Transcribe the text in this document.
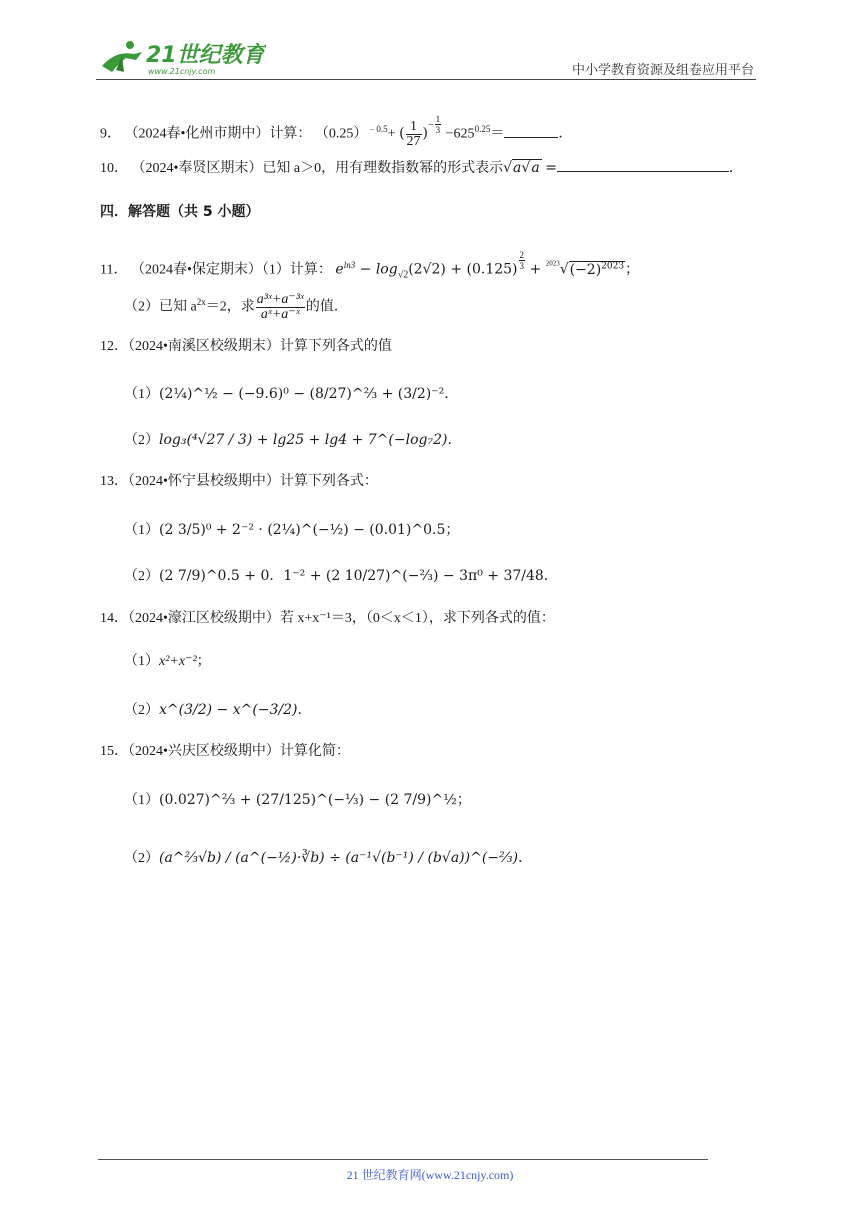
21世纪教育
www.21cnjy.com	中小学教育资源及组卷应用平台
9． （2024春•化州市期中）计算： $(0.25)^{﹣0.5}+$ ( $\frac{1}{27}$ )− $\frac{1}{3} -625^{0.25}=$	．
10． （2024•奉贤区期末）已知 a＞0，用有理数指数幂的形式表示√a√a =	．
四．解答题（共 5 小题）
11． （2024春•保定期末）（1）计算： $e^{ln3} - \log_{√2}(2√2) + (0.125) \frac{2}{3} + ^{2023}√(-2)^{2023}$；
（2）已知 $a^{2x}=2$，求 $\frac{\text{a³ˣ+a⁻³ˣ}}{\text{aˣ+a⁻ˣ}}$ 的值．
12．（2024•南溪区校级期末）计算下列各式的值
（1）(2¼)^½ − (−9.6)⁰ − (8/27)^⅔ + (3/2)⁻²．
（2）log₃(⁴√27 / 3) + lg25 + lg4 + 7^(−log₇2)．
13．（2024•怀宁县校级期中）计算下列各式：
（1）(2 3/5)⁰ + 2⁻² · (2¼)^(−½) − (0.01)^0.5；
（2）(2 7/9)^0.5 + 0．1⁻² + (2 10/27)^(−⅔) − 3π⁰ + 37/48．
14．（2024•濠江区校级期中）若 x+x⁻¹＝3，（0＜x＜1），求下列各式的值：
（1）x²+x⁻²；
（2）x^(3/2) − x^(−3/2)．
15．（2024•兴庆区校级期中）计算化简：
（1）(0.027)^⅔ + (27/125)^(−⅓) − (2 7/9)^½；
（2）(a^⅔√b) / (a^(−½)·∛b) ÷ (a⁻¹√(b⁻¹) / (b√a))^(−⅔)．
21 世纪教育网(www.21cnjy.com)
